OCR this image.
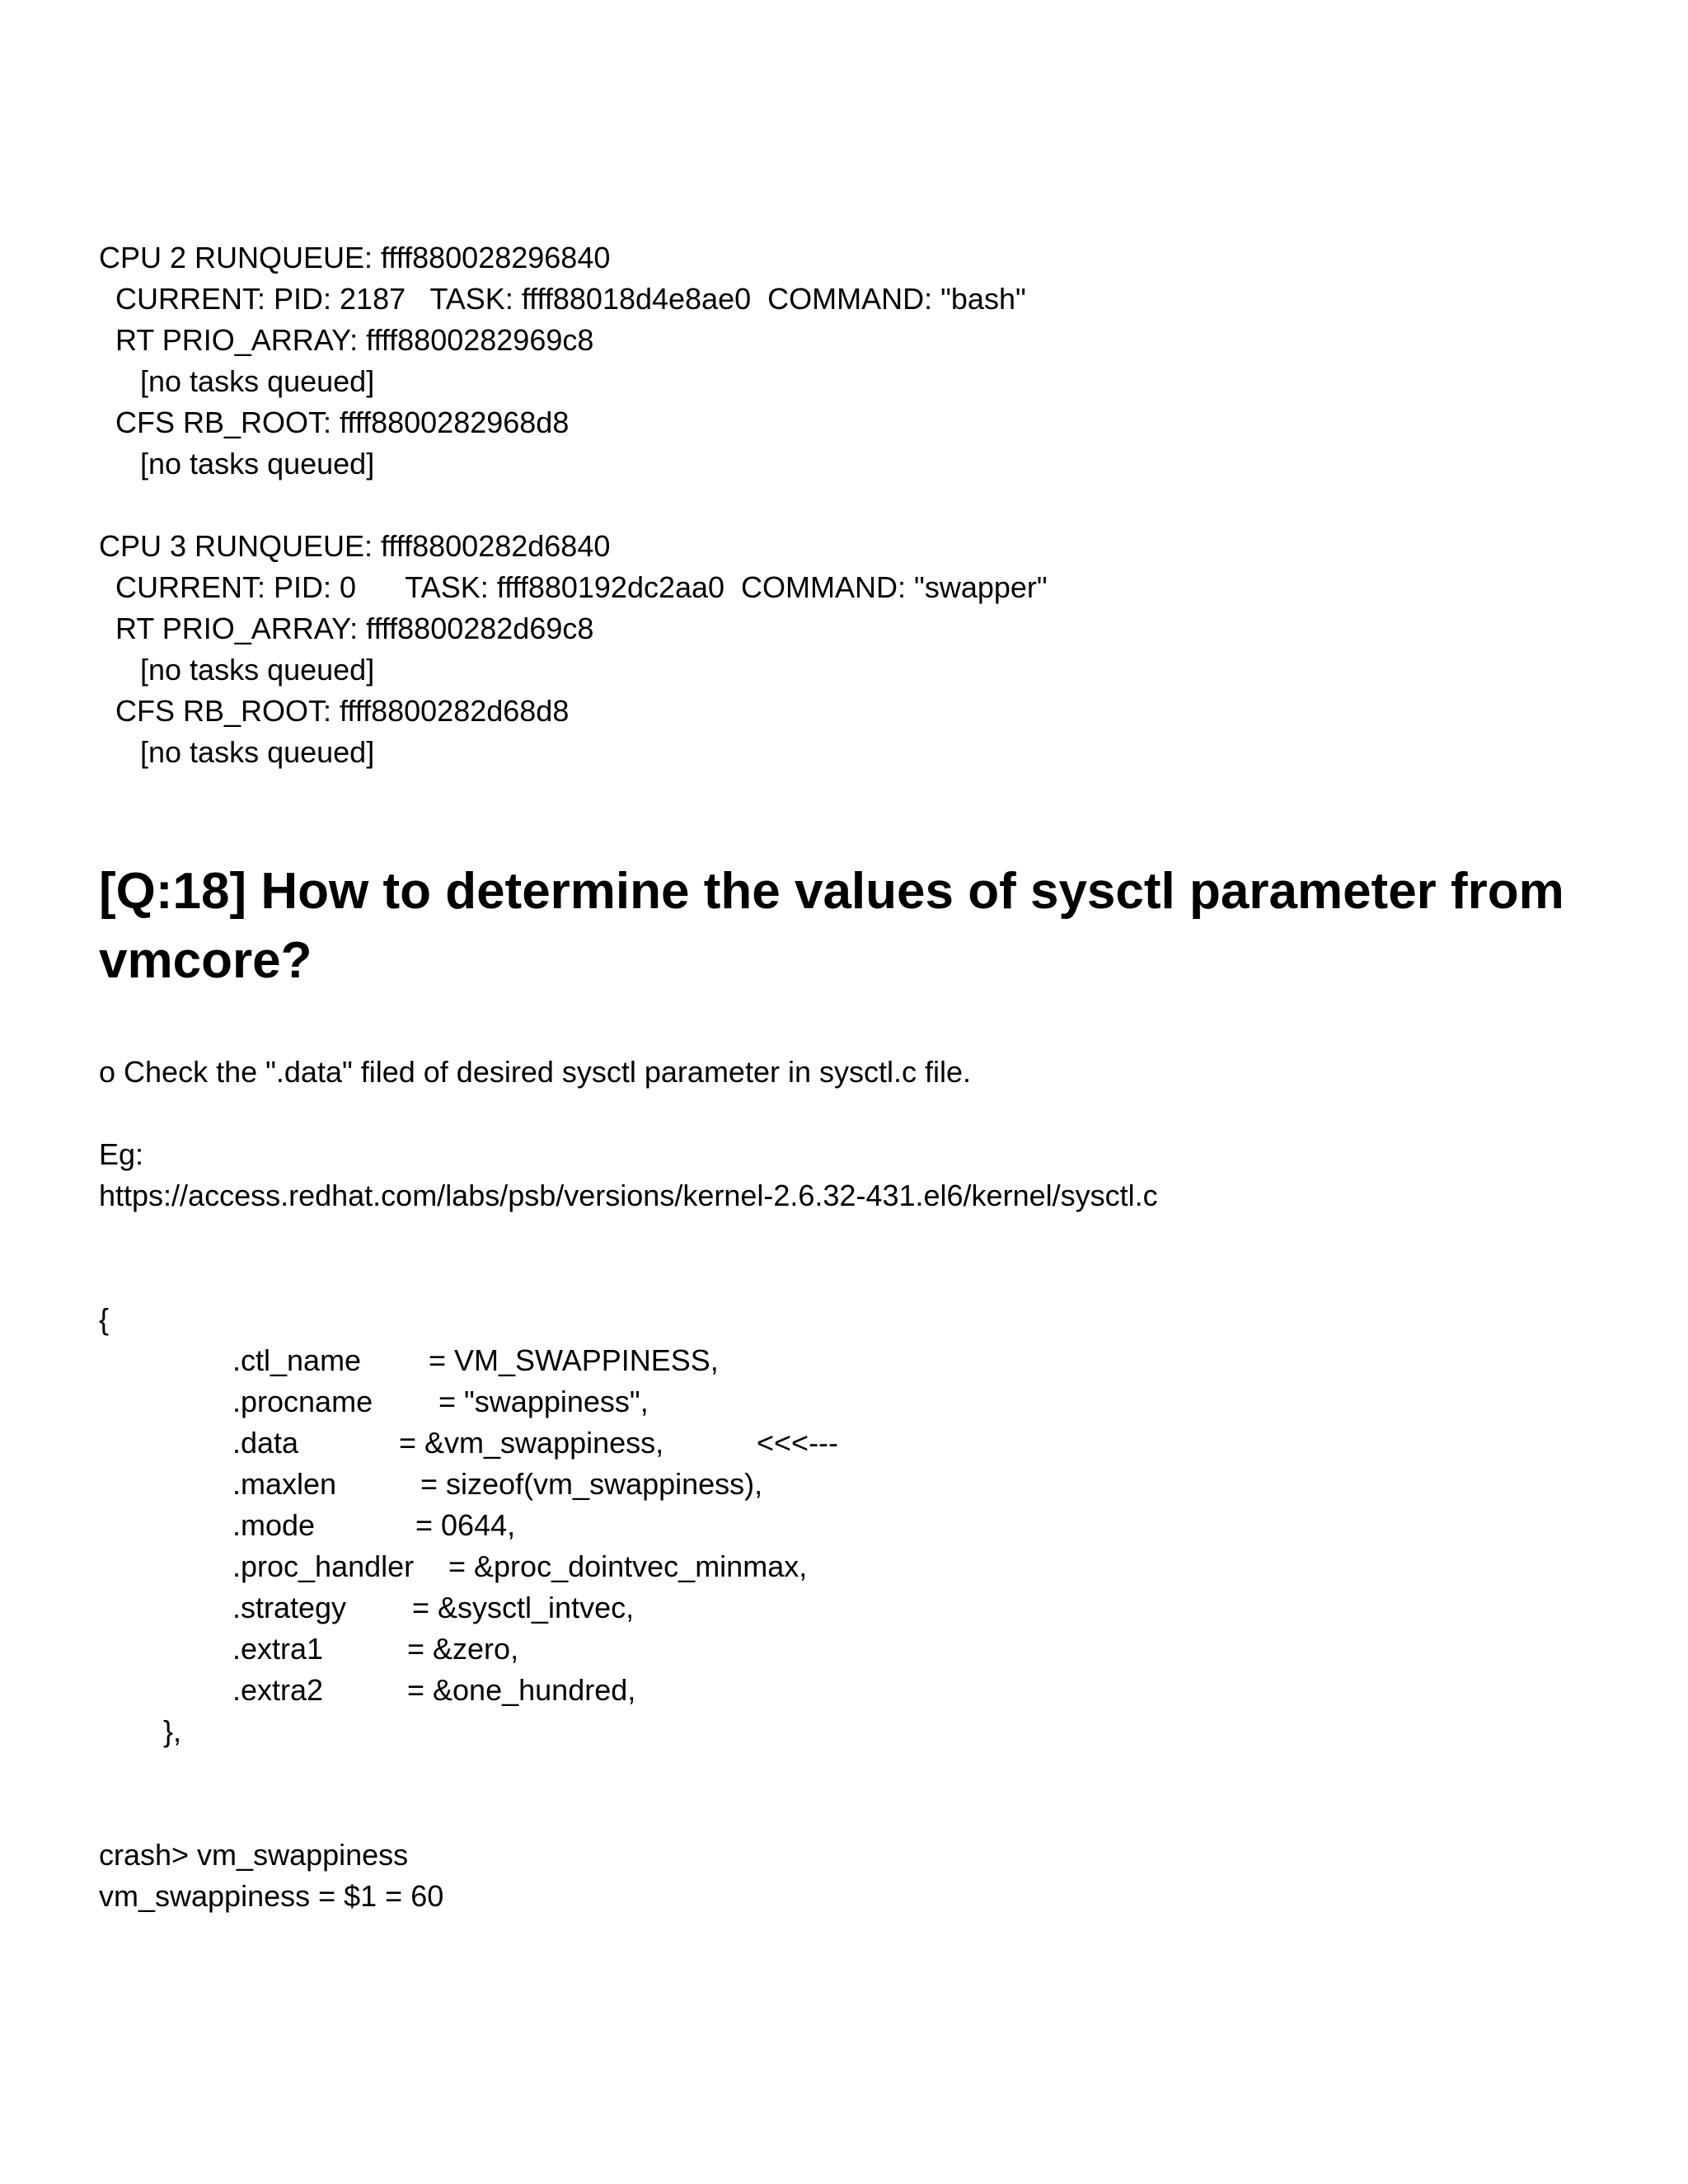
CPU 2 RUNQUEUE: ffff880028296840
CURRENT: PID: 2187   TASK: ffff88018d4e8ae0  COMMAND: "bash"
RT PRIO_ARRAY: ffff8800282969c8
[no tasks queued]
CFS RB_ROOT: ffff8800282968d8
[no tasks queued]
CPU 3 RUNQUEUE: ffff8800282d6840
CURRENT: PID: 0      TASK: ffff880192dc2aa0  COMMAND: "swapper"
RT PRIO_ARRAY: ffff8800282d69c8
[no tasks queued]
CFS RB_ROOT: ffff8800282d68d8
[no tasks queued]
[Q:18] How to determine the values of sysctl parameter from vmcore?
o Check the ".data" filed of desired sysctl parameter in sysctl.c file.
Eg:
https://access.redhat.com/labs/psb/versions/kernel-2.6.32-431.el6/kernel/sysctl.c
{
.ctl_name = VM_SWAPPINESS,
.procname = "swappiness",
.data	= &vm_swappiness,	<<<---
.maxlen	= sizeof(vm_swappiness),
.mode	= 0644,
.proc_handler = &proc_dointvec_minmax,
.strategy = &sysctl_intvec,
.extra1	= &zero,
.extra2	= &one_hundred,
},
crash> vm_swappiness
vm_swappiness = $1 = 60
